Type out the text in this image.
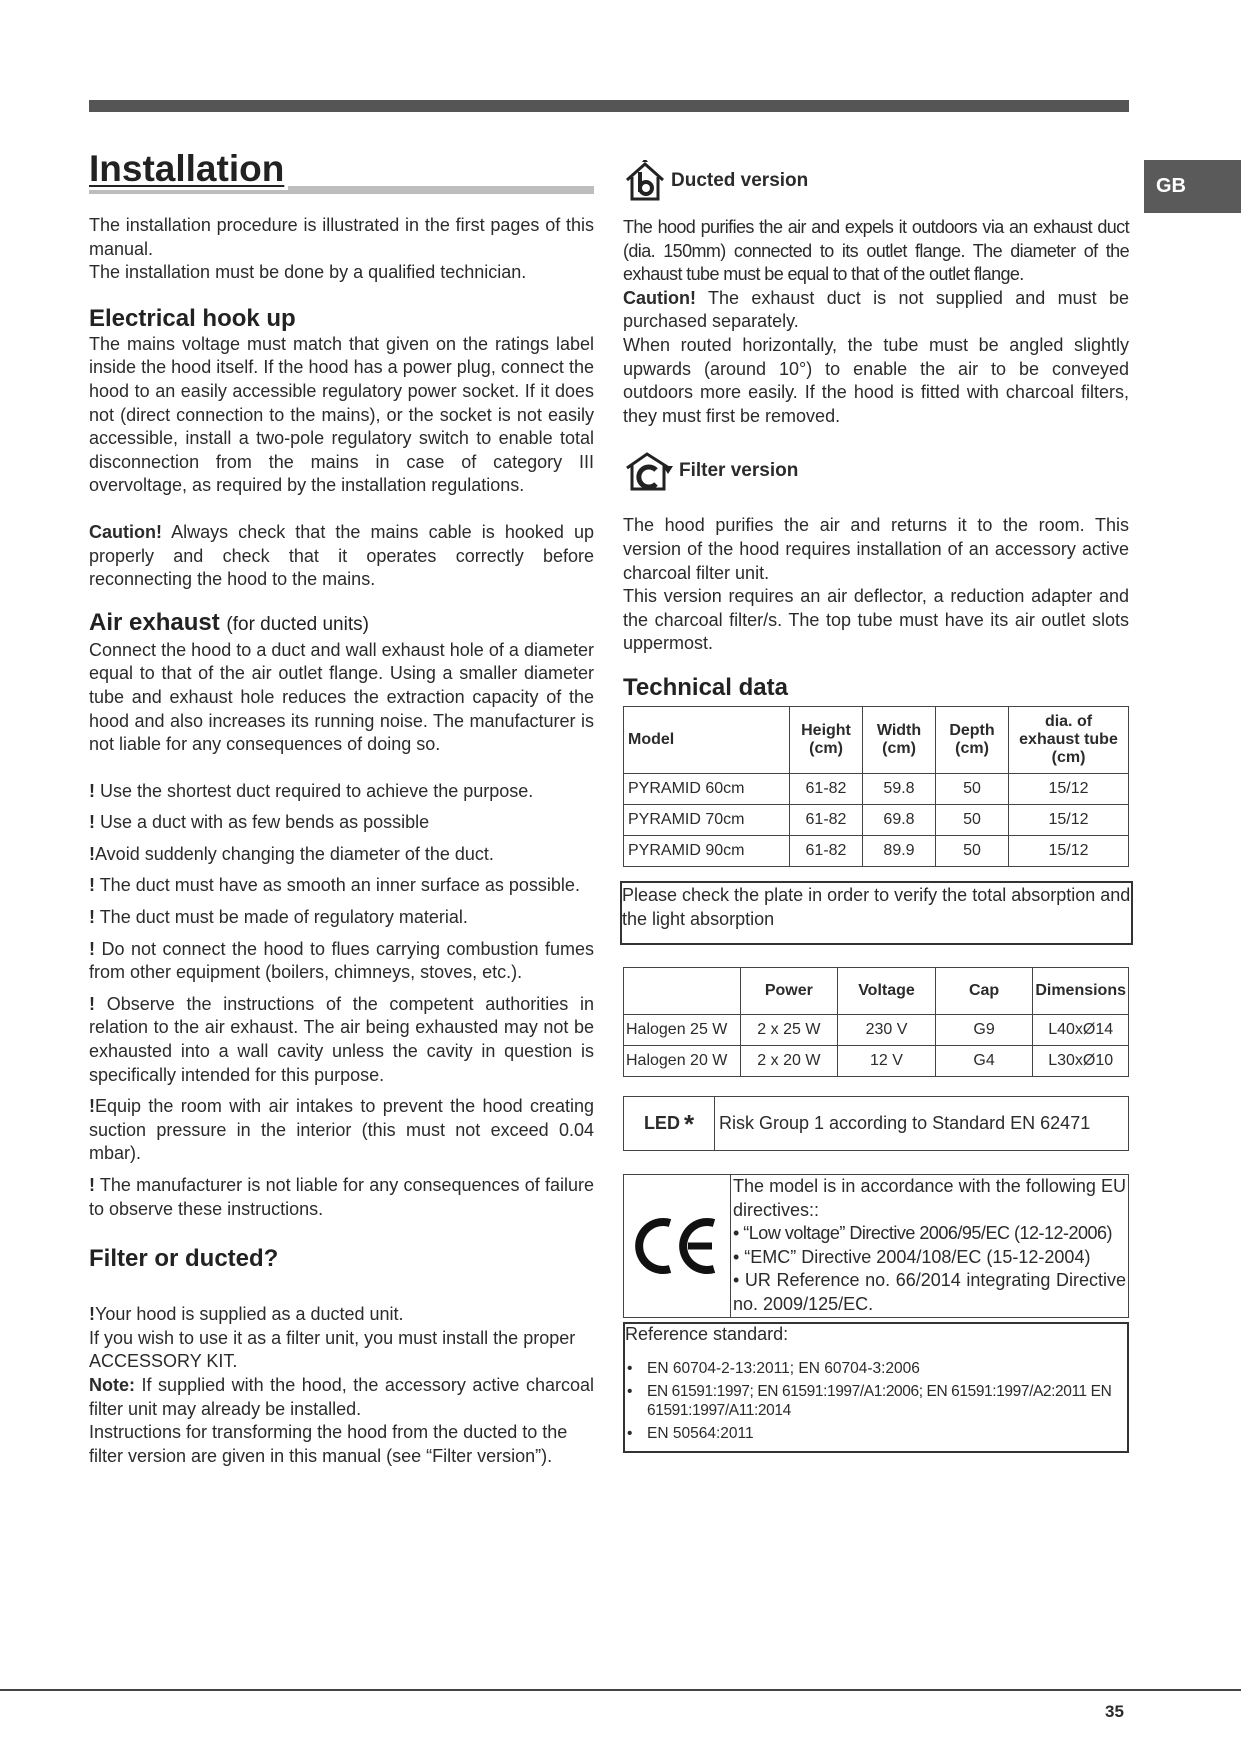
GB
Installation

The installation procedure is illustrated in the first pages of this manual.

The installation must be done by a qualified technician.

Electrical hook up

The mains voltage must match that given on the ratings label inside the hood itself. If the hood has a power plug, connect the hood to an easily accessible regulatory power socket. If it does not (direct connection to the mains), or the socket is not easily accessible, install a two-pole regulatory switch to enable total disconnection from the mains in case of category III overvoltage, as required by the installation regulations.

Caution! Always check that the mains cable is hooked up properly and check that it operates correctly before reconnecting the hood to the mains.

Air exhaust (for ducted units)

Connect the hood to a duct and wall exhaust hole of a diameter equal to that of the air outlet flange. Using a smaller diameter tube and exhaust hole reduces the extraction capacity of the hood and also increases its running noise. The manufacturer is not liable for any consequences of doing so.

! Use the shortest duct required to achieve the purpose.

! Use a duct with as few bends as possible

!Avoid suddenly changing the diameter of the duct.

! The duct must have as smooth an inner surface as possible.

! The duct must be made of regulatory material.

! Do not connect the hood to flues carrying combustion fumes from other equipment (boilers, chimneys, stoves, etc.).

! Observe the instructions of the competent authorities in relation to the air exhaust. The air being exhausted may not be exhausted into a wall cavity unless the cavity in question is specifically intended for this purpose.

!Equip the room with air intakes to prevent the hood creating suction pressure in the interior (this must not exceed 0.04 mbar).

! The manufacturer is not liable for any consequences of failure to observe these instructions.

Filter or ducted?

!Your hood is supplied as a ducted unit.

If you wish to use it as a filter unit, you must install the proper ACCESSORY KIT.

Note: If supplied with the hood, the accessory active charcoal filter unit may already be installed.

Instructions for transforming the hood from the ducted to the filter version are given in this manual (see “Filter version”).

Ducted version

The hood purifies the air and expels it outdoors via an exhaust duct (dia. 150mm) connected to its outlet flange. The diameter of the exhaust tube must be equal to that of the outlet flange.

Caution! The exhaust duct is not supplied and must be purchased separately.

When routed horizontally, the tube must be angled slightly upwards (around 10°) to enable the air to be conveyed outdoors more easily. If the hood is fitted with charcoal filters, they must first be removed.

Filter version

The hood purifies the air and returns it to the room. This version of the hood requires installation of an accessory active charcoal filter unit.

This version requires an air deflector, a reduction adapter and the charcoal filter/s. The top tube must have its air outlet slots uppermost.

Technical data
Model	Height (cm)	Width (cm)	Depth (cm)	dia. of exhaust tube (cm)
PYRAMID 60cm	61-82	59.8	50	15/12
PYRAMID 70cm	61-82	69.8	50	15/12
PYRAMID 90cm	61-82	89.9	50	15/12
Please check the plate in order to verify the total absorption and the light absorption
	Power	Voltage	Cap	Dimensions
Halogen 25 W	2 x 25 W	230 V	G9	L40xØ14
Halogen 20 W	2 x 20 W	12 V	G4	L30xØ10
LED * Risk Group 1 according to Standard EN 62471

The model is in accordance with the following EU directives::

• “Low voltage” Directive 2006/95/EC (12-12-2006)

• “EMC” Directive 2004/108/EC (15-12-2004)

• UR Reference no. 66/2014 integrating Directive no. 2009/125/EC.

Reference standard:

• EN 60704-2-13:2011; EN 60704-3:2006
• EN 61591:1997; EN 61591:1997/A1:2006; EN 61591:1997/A2:2011 EN 61591:1997/A11:2014
• EN 50564:2011
35
